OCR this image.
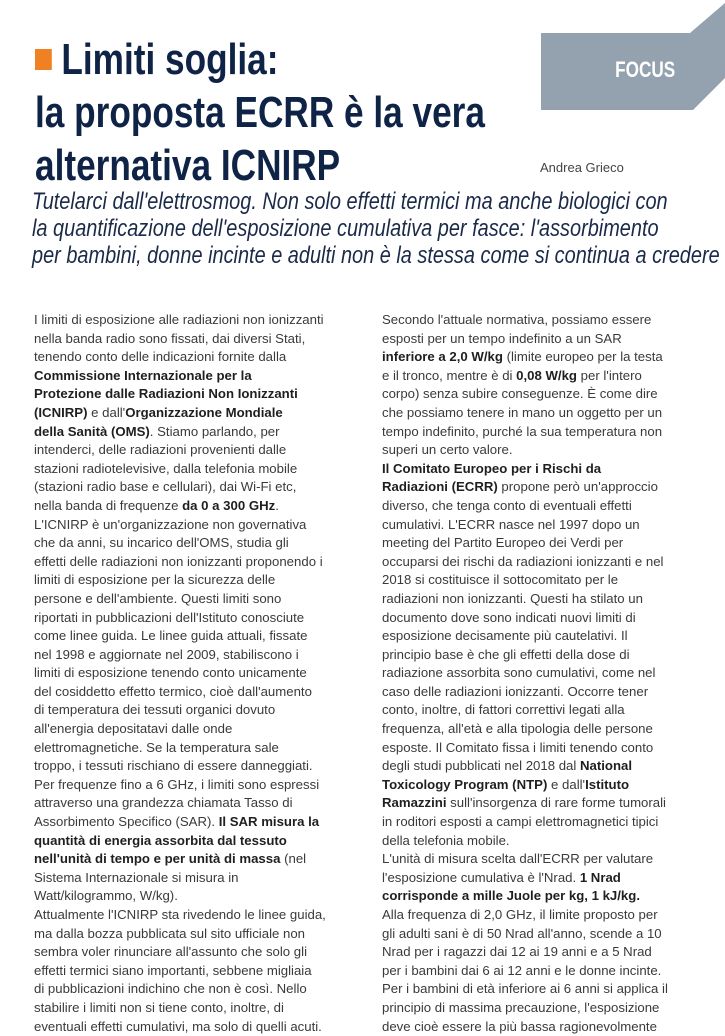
FOCUS
Limiti soglia:
la proposta ECRR è la vera
alternativa ICNIRP	Andrea Grieco
Tutelarci dall'elettrosmog. Non solo effetti termici ma anche biologici con
la quantificazione dell'esposizione cumulativa per fasce: l'assorbimento
per bambini, donne incinte e adulti non è la stessa come si continua a credere
I limiti di esposizione alle radiazioni non ionizzanti
nella banda radio sono fissati, dai diversi Stati,
tenendo conto delle indicazioni fornite dalla
Commissione Internazionale per la
Protezione dalle Radiazioni Non Ionizzanti
(ICNIRP) e dall'Organizzazione Mondiale
della Sanità (OMS). Stiamo parlando, per
intenderci, delle radiazioni provenienti dalle
stazioni radiotelevisive, dalla telefonia mobile
(stazioni radio base e cellulari), dai Wi-Fi etc,
nella banda di frequenze da 0 a 300 GHz.
L'ICNIRP è un'organizzazione non governativa
che da anni, su incarico dell'OMS, studia gli
effetti delle radiazioni non ionizzanti proponendo i
limiti di esposizione per la sicurezza delle
persone e dell'ambiente. Questi limiti sono
riportati in pubblicazioni dell'Istituto conosciute
come linee guida. Le linee guida attuali, fissate
nel 1998 e aggiornate nel 2009, stabiliscono i
limiti di esposizione tenendo conto unicamente
del cosiddetto effetto termico, cioè dall'aumento
di temperatura dei tessuti organici dovuto
all'energia depositatavi dalle onde
elettromagnetiche. Se la temperatura sale
troppo, i tessuti rischiano di essere danneggiati.
Per frequenze fino a 6 GHz, i limiti sono espressi
attraverso una grandezza chiamata Tasso di
Assorbimento Specifico (SAR). Il SAR misura la
quantità di energia assorbita dal tessuto
nell'unità di tempo e per unità di massa (nel
Sistema Internazionale si misura in
Watt/kilogrammo, W/kg).
Attualmente l'ICNIRP sta rivedendo le linee guida,
ma dalla bozza pubblicata sul sito ufficiale non
sembra voler rinunciare all'assunto che solo gli
effetti termici siano importanti, sebbene migliaia
di pubblicazioni indichino che non è così. Nello
stabilire i limiti non si tiene conto, inoltre, di
eventuali effetti cumulativi, ma solo di quelli acuti.
Secondo l'attuale normativa, possiamo essere
esposti per un tempo indefinito a un SAR
inferiore a 2,0 W/kg (limite europeo per la testa
e il tronco, mentre è di 0,08 W/kg per l'intero
corpo) senza subire conseguenze. È come dire
che possiamo tenere in mano un oggetto per un
tempo indefinito, purché la sua temperatura non
superi un certo valore.
Il Comitato Europeo per i Rischi da
Radiazioni (ECRR) propone però un'approccio
diverso, che tenga conto di eventuali effetti
cumulativi. L'ECRR nasce nel 1997 dopo un
meeting del Partito Europeo dei Verdi per
occuparsi dei rischi da radiazioni ionizzanti e nel
2018 si costituisce il sottocomitato per le
radiazioni non ionizzanti. Questi ha stilato un
documento dove sono indicati nuovi limiti di
esposizione decisamente più cautelativi. Il
principio base è che gli effetti della dose di
radiazione assorbita sono cumulativi, come nel
caso delle radiazioni ionizzanti. Occorre tener
conto, inoltre, di fattori correttivi legati alla
frequenza, all'età e alla tipologia delle persone
esposte. Il Comitato fissa i limiti tenendo conto
degli studi pubblicati nel 2018 dal National
Toxicology Program (NTP) e dall'Istituto
Ramazzini sull'insorgenza di rare forme tumorali
in roditori esposti a campi elettromagnetici tipici
della telefonia mobile.
L'unità di misura scelta dall'ECRR per valutare
l'esposizione cumulativa è l'Nrad. 1 Nrad
corrisponde a mille Juole per kg, 1 kJ/kg.
Alla frequenza di 2,0 GHz, il limite proposto per
gli adulti sani è di 50 Nrad all'anno, scende a 10
Nrad per i ragazzi dai 12 ai 19 anni e a 5 Nrad
per i bambini dai 6 ai 12 anni e le donne incinte.
Per i bambini di età inferiore ai 6 anni si applica il
principio di massima precauzione, l'esposizione
deve cioè essere la più bassa ragionevolmente
